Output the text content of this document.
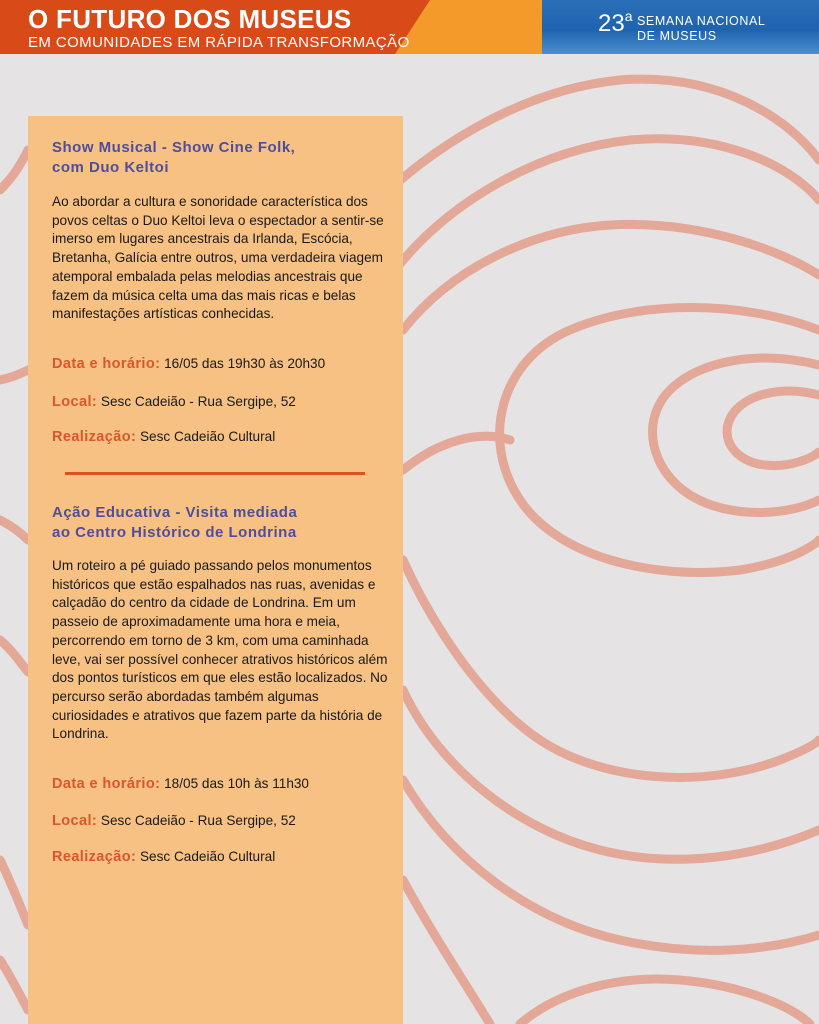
O FUTURO DOS MUSEUS
EM COMUNIDADES EM RÁPIDA TRANSFORMAÇÃO
23$^a$ SEMANA NACIONAL
DE MUSEUS

Show Musical - Show Cine Folk,

com Duo Keltoi

Ao abordar a cultura e sonoridade característica dos povos celtas o Duo Keltoi leva o espectador a sentir-se imerso em lugares ancestrais da Irlanda, Escócia, Bretanha, Galícia entre outros, uma verdadeira viagem atemporal embalada pelas melodias ancestrais que fazem da música celta uma das mais ricas e belas manifestações artísticas conhecidas.

Data e horário: 16/05 das 19h30 às 20h30
Local: Sesc Cadeião - Rua Sergipe, 52
Realização: Sesc Cadeião Cultural

Ação Educativa - Visita mediada

ao Centro Histórico de Londrina

Um roteiro a pé guiado passando pelos monumentos históricos que estão espalhados nas ruas, avenidas e calçadão do centro da cidade de Londrina. Em um passeio de aproximadamente uma hora e meia, percorrendo em torno de 3 km, com uma caminhada leve, vai ser possível conhecer atrativos históricos além dos pontos turísticos em que eles estão localizados. No percurso serão abordadas também algumas curiosidades e atrativos que fazem parte da história de Londrina.

Data e horário: 18/05 das 10h às 11h30
Local: Sesc Cadeião - Rua Sergipe, 52
Realização: Sesc Cadeião Cultural
